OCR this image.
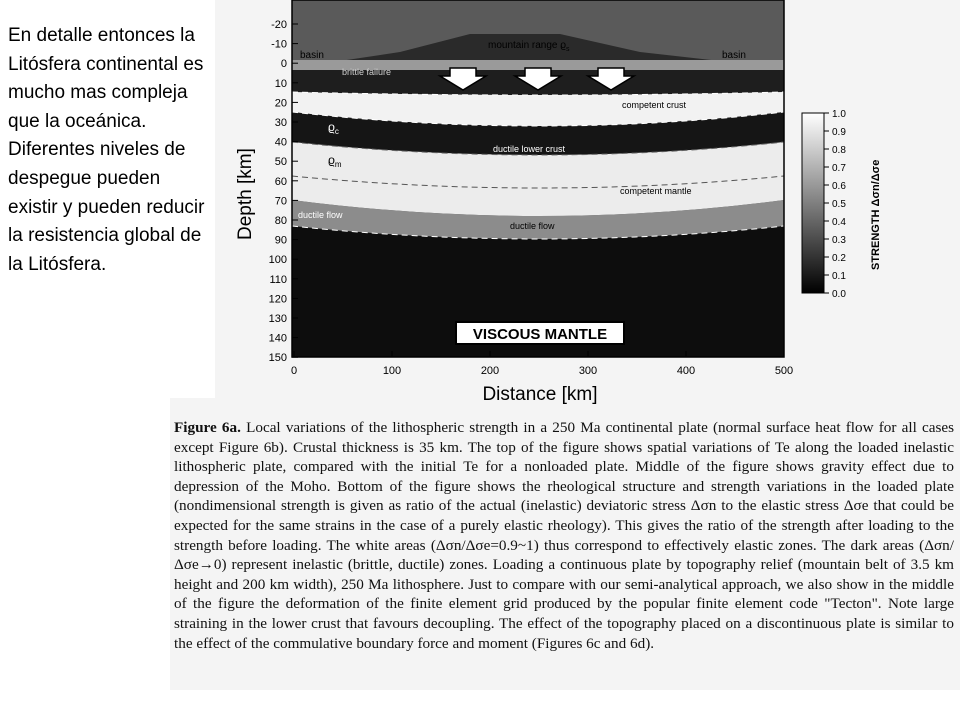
En detalle entonces la Litósfera continental es mucho mas compleja que la oceánica. Diferentes niveles de despegue pueden existir y pueden reducir la resistencia global de la Litósfera.

basin	basin
mountain range $ϱ_s$
brittle failure
competent crust
$ϱ_c$
ductile lower crust
$ϱ_m$
competent mantle
ductile flow
ductile flow
VISCOUS MANTLE
-20
-10
0
10
20
30
40
50
60
70
80
90
100
110
120
130
140
150
0	100	200	300	400	500
Depth [km]
Distance [km]
1.0
0.9
0.8
0.7
0.6
0.5
0.4
0.3
0.2
0.1
0.0
STRENGTH Δσn/Δσe
Figure 6a. Local variations of the lithospheric strength in a 250 Ma continental plate (normal surface heat flow for all cases except Figure 6b). Crustal thickness is 35 km. The top of the figure shows spatial variations of Te along the loaded inelastic lithospheric plate, compared with the initial Te for a nonloaded plate. Middle of the figure shows gravity effect due to depression of the Moho. Bottom of the figure shows the rheological structure and strength variations in the loaded plate (nondimensional strength is given as ratio of the actual (inelastic) deviatoric stress Δσn to the elastic stress Δσe that could be expected for the same strains in the case of a purely elastic rheology). This gives the ratio of the strength after loading to the strength before loading. The white areas (Δσn/Δσe=0.9~1) thus correspond to effectively elastic zones. The dark areas (Δσn/Δσe→0) represent inelastic (brittle, ductile) zones. Loading a continuous plate by topography relief (mountain belt of 3.5 km height and 200 km width), 250 Ma lithosphere. Just to compare with our semi-analytical approach, we also show in the middle of the figure the deformation of the finite element grid produced by the popular finite element code "Tecton". Note large straining in the lower crust that favours decoupling. The effect of the topography placed on a discontinuous plate is similar to the effect of the commulative boundary force and moment (Figures 6c and 6d).
